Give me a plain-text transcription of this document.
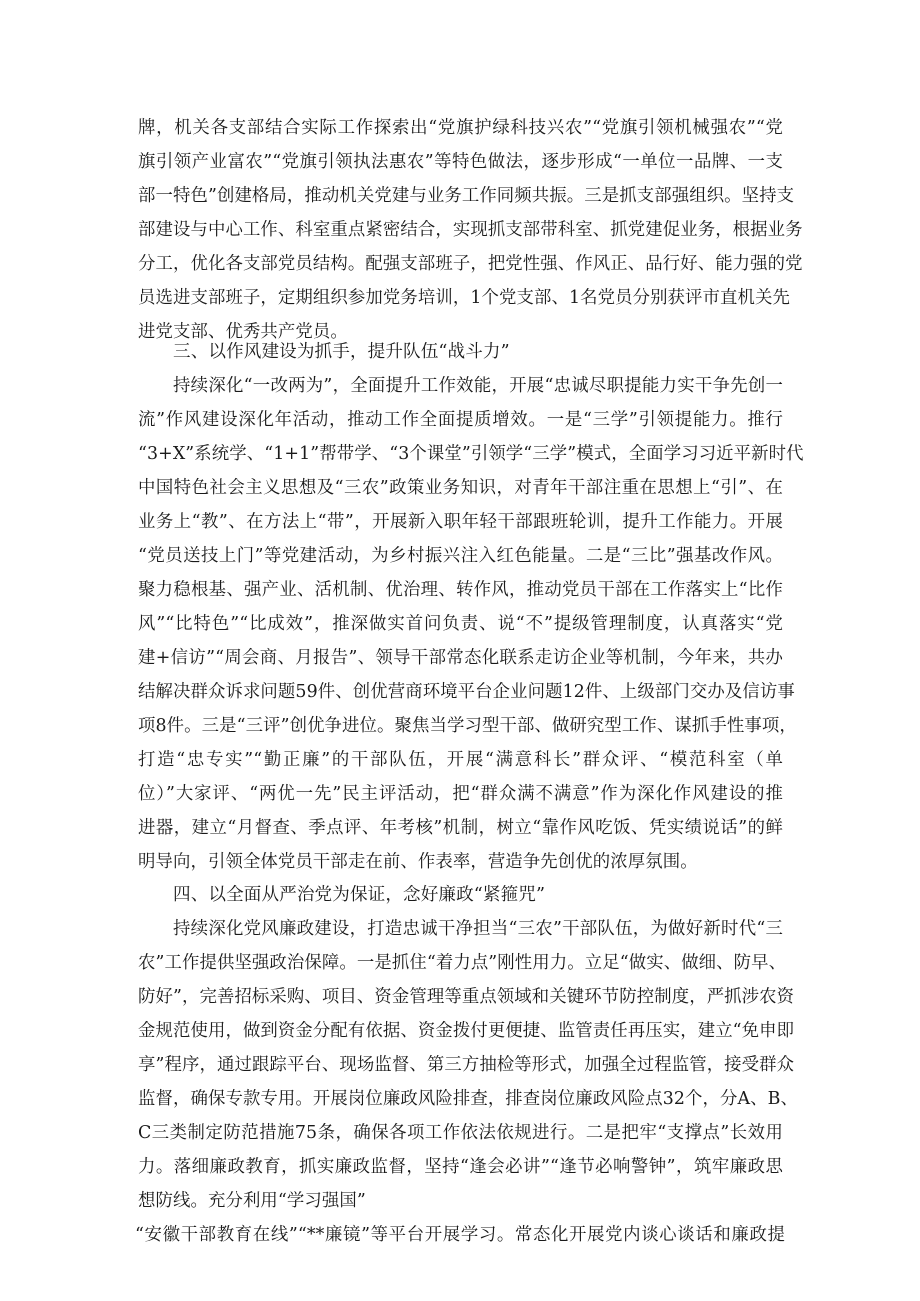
牌，机关各支部结合实际工作探索出“党旗护绿科技兴农”“党旗引领机械强农”“党
旗引领产业富农”“党旗引领执法惠农”等特色做法，逐步形成“一单位一品牌、一支
部一特色”创建格局，推动机关党建与业务工作同频共振。三是抓支部强组织。坚持支
部建设与中心工作、科室重点紧密结合，实现抓支部带科室、抓党建促业务，根据业务
分工，优化各支部党员结构。配强支部班子，把党性强、作风正、品行好、能力强的党
员选进支部班子，定期组织参加党务培训，1个党支部、1名党员分别获评市直机关先
进党支部、优秀共产党员。
三、以作风建设为抓手，提升队伍“战斗力”
持续深化“一改两为”，全面提升工作效能，开展“忠诚尽职提能力实干争先创一
流”作风建设深化年活动，推动工作全面提质增效。一是“三学”引领提能力。推行
“3+X”系统学、“1+1”帮带学、“3个课堂”引领学“三学”模式，全面学习习近平新时代
中国特色社会主义思想及“三农”政策业务知识，对青年干部注重在思想上“引”、在
业务上“教”、在方法上“带”，开展新入职年轻干部跟班轮训，提升工作能力。开展
“党员送技上门”等党建活动，为乡村振兴注入红色能量。二是“三比”强基改作风。
聚力稳根基、强产业、活机制、优治理、转作风，推动党员干部在工作落实上“比作
风”“比特色”“比成效”，推深做实首问负责、说“不”提级管理制度，认真落实“党
建+信访”“周会商、月报告”、领导干部常态化联系走访企业等机制，今年来，共办
结解决群众诉求问题59件、创优营商环境平台企业问题12件、上级部门交办及信访事
项8件。三是“三评”创优争进位。聚焦当学习型干部、做研究型工作、谋抓手性事项，
打造“忠专实”“勤正廉”的干部队伍，开展“满意科长”群众评、“模范科室（单
位）”大家评、“两优一先”民主评活动，把“群众满不满意”作为深化作风建设的推
进器，建立“月督查、季点评、年考核”机制，树立“靠作风吃饭、凭实绩说话”的鲜
明导向，引领全体党员干部走在前、作表率，营造争先创优的浓厚氛围。
四、以全面从严治党为保证，念好廉政“紧箍咒”
持续深化党风廉政建设，打造忠诚干净担当“三农”干部队伍，为做好新时代“三
农”工作提供坚强政治保障。一是抓住“着力点”刚性用力。立足“做实、做细、防早、
防好”，完善招标采购、项目、资金管理等重点领域和关键环节防控制度，严抓涉农资
金规范使用，做到资金分配有依据、资金拨付更便捷、监管责任再压实，建立“免申即
享”程序，通过跟踪平台、现场监督、第三方抽检等形式，加强全过程监管，接受群众
监督，确保专款专用。开展岗位廉政风险排查，排查岗位廉政风险点32个，分A、B、
C三类制定防范措施75条，确保各项工作依法依规进行。二是把牢“支撑点”长效用
力。落细廉政教育，抓实廉政监督，坚持“逢会必讲”“逢节必响警钟”，筑牢廉政思
想防线。充分利用“学习强国”
“安徽干部教育在线”“**廉镜”等平台开展学习。常态化开展党内谈心谈话和廉政提
